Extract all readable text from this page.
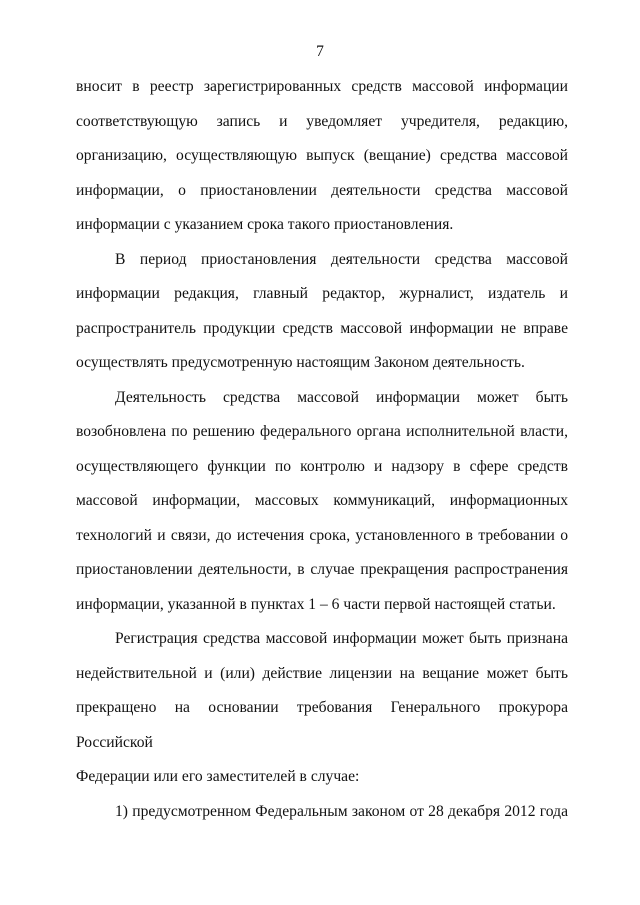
7

вносит в реестр зарегистрированных средств массовой информации
соответствующую запись и уведомляет учредителя, редакцию,
организацию, осуществляющую выпуск (вещание) средства массовой
информации, о приостановлении деятельности средства массовой
информации с указанием срока такого приостановления.

В период приостановления деятельности средства массовой
информации редакция, главный редактор, журналист, издатель и
распространитель продукции средств массовой информации не вправе
осуществлять предусмотренную настоящим Законом деятельность.

Деятельность средства массовой информации может быть
возобновлена по решению федерального органа исполнительной власти,
осуществляющего функции по контролю и надзору в сфере средств
массовой информации, массовых коммуникаций, информационных
технологий и связи, до истечения срока, установленного в требовании о
приостановлении деятельности, в случае прекращения распространения
информации, указанной в пунктах 1 – 6 части первой настоящей статьи.

Регистрация средства массовой информации может быть признана
недействительной и (или) действие лицензии на вещание может быть
прекращено на основании требования Генерального прокурора Российской
Федерации или его заместителей в случае:

1) предусмотренном Федеральным законом от 28 декабря 2012 года
